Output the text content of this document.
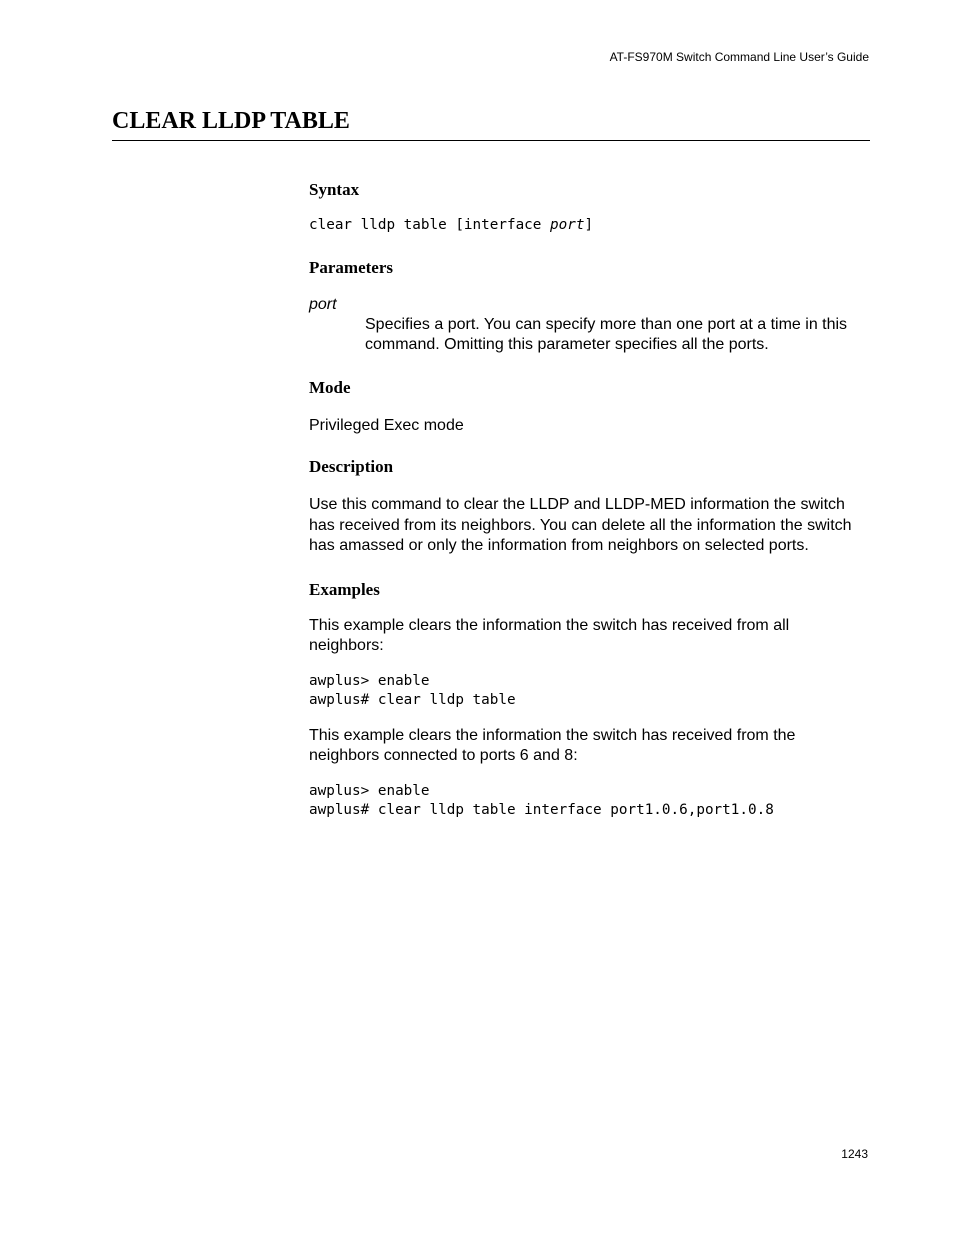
AT-FS970M Switch Command Line User’s Guide
CLEAR LLDP TABLE
Syntax

clear lldp table [interface port]

Parameters

port

Specifies a port. You can specify more than one port at a time in this command. Omitting this parameter specifies all the ports.

Mode

Privileged Exec mode

Description

Use this command to clear the LLDP and LLDP-MED information the switch has received from its neighbors. You can delete all the information the switch has amassed or only the information from neighbors on selected ports.

Examples

This example clears the information the switch has received from all neighbors:

awplus> enable

awplus# clear lldp table

This example clears the information the switch has received from the neighbors connected to ports 6 and 8:

awplus> enable

awplus# clear lldp table interface port1.0.6,port1.0.8

1243
